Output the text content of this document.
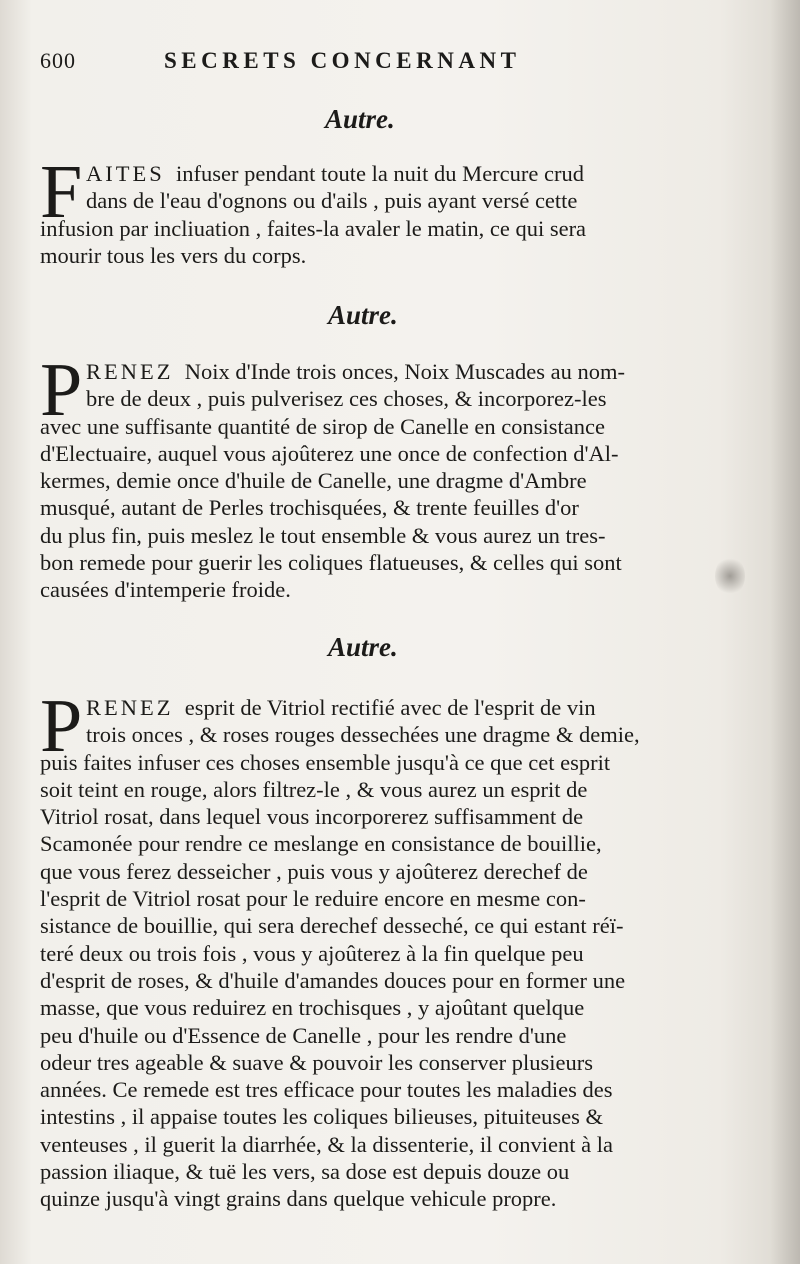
600	SECRETS CONCERNANT
Autre.
F AITES infuser pendant toute la nuit du Mercure crud
dans de l'eau d'ognons ou d'ails , puis ayant versé cette
infusion par incliuation , faites-la avaler le matin, ce qui sera
mourir tous les vers du corps.
Autre.
P RENEZ Noix d'Inde trois onces, Noix Muscades au nom-
bre de deux , puis pulverisez ces choses, & incorporez-les
avec une suffisante quantité de sirop de Canelle en consistance
d'Electuaire, auquel vous ajoûterez une once de confection d'Al-
kermes, demie once d'huile de Canelle, une dragme d'Ambre
musqué, autant de Perles trochisquées, & trente feuilles d'or
du plus fin, puis meslez le tout ensemble & vous aurez un tres-
bon remede pour guerir les coliques flatueuses, & celles qui sont
causées d'intemperie froide.
Autre.
P RENEZ esprit de Vitriol rectifié avec de l'esprit de vin
trois onces , & roses rouges dessechées une dragme & demie,
puis faites infuser ces choses ensemble jusqu'à ce que cet esprit
soit teint en rouge, alors filtrez-le , & vous aurez un esprit de
Vitriol rosat, dans lequel vous incorporerez suffisamment de
Scamonée pour rendre ce meslange en consistance de bouillie,
que vous ferez desseicher , puis vous y ajoûterez derechef de
l'esprit de Vitriol rosat pour le reduire encore en mesme con-
sistance de bouillie, qui sera derechef desseché, ce qui estant réï-
teré deux ou trois fois , vous y ajoûterez à la fin quelque peu
d'esprit de roses, & d'huile d'amandes douces pour en former une
masse, que vous reduirez en trochisques , y ajoûtant quelque
peu d'huile ou d'Essence de Canelle , pour les rendre d'une
odeur tres ageable & suave & pouvoir les conserver plusieurs
années. Ce remede est tres efficace pour toutes les maladies des
intestins , il appaise toutes les coliques bilieuses, pituiteuses &
venteuses , il guerit la diarrhée, & la dissenterie, il convient à la
passion iliaque, & tuë les vers, sa dose est depuis douze ou
quinze jusqu'à vingt grains dans quelque vehicule propre.
